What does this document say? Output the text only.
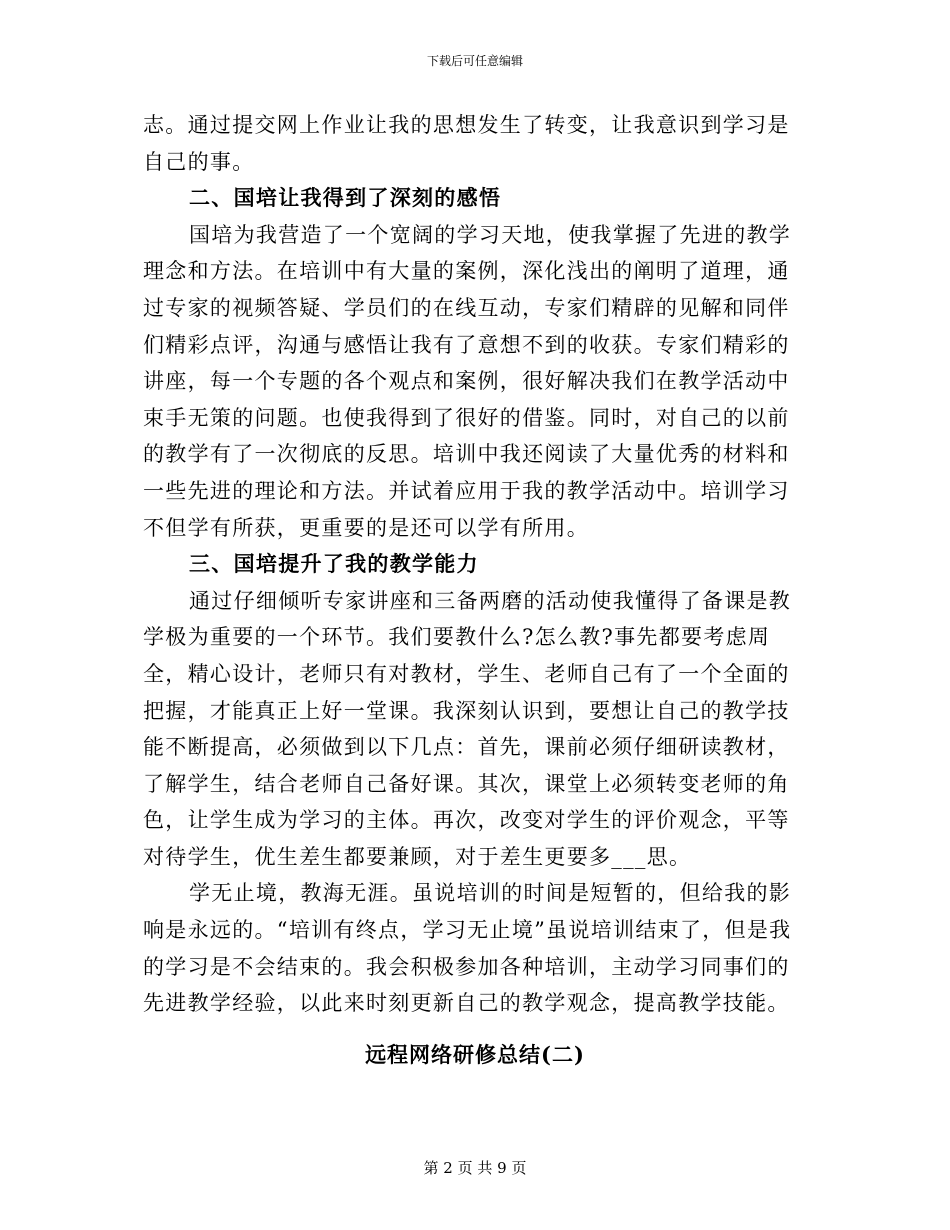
下载后可任意编辑

志。通过提交网上作业让我的思想发生了转变，让我意识到学习是自己的事。

二、国培让我得到了深刻的感悟

国培为我营造了一个宽阔的学习天地，使我掌握了先进的教学理念和方法。在培训中有大量的案例，深化浅出的阐明了道理，通过专家的视频答疑、学员们的在线互动，专家们精辟的见解和同伴们精彩点评，沟通与感悟让我有了意想不到的收获。专家们精彩的讲座，每一个专题的各个观点和案例，很好解决我们在教学活动中束手无策的问题。也使我得到了很好的借鉴。同时，对自己的以前的教学有了一次彻底的反思。培训中我还阅读了大量优秀的材料和一些先进的理论和方法。并试着应用于我的教学活动中。培训学习不但学有所获，更重要的是还可以学有所用。

三、国培提升了我的教学能力

通过仔细倾听专家讲座和三备两磨的活动使我懂得了备课是教学极为重要的一个环节。我们要教什么?怎么教?事先都要考虑周全，精心设计，老师只有对教材，学生、老师自己有了一个全面的把握，才能真正上好一堂课。我深刻认识到，要想让自己的教学技能不断提高，必须做到以下几点：首先，课前必须仔细研读教材，了解学生，结合老师自己备好课。其次，课堂上必须转变老师的角色，让学生成为学习的主体。再次，改变对学生的评价观念，平等对待学生，优生差生都要兼顾，对于差生更要多___思。

学无止境，教海无涯。虽说培训的时间是短暂的，但给我的影响是永远的。“培训有终点，学习无止境”虽说培训结束了，但是我的学习是不会结束的。我会积极参加各种培训，主动学习同事们的先进教学经验，以此来时刻更新自己的教学观念，提高教学技能。

远程网络研修总结(二)
第 2 页 共 9 页
